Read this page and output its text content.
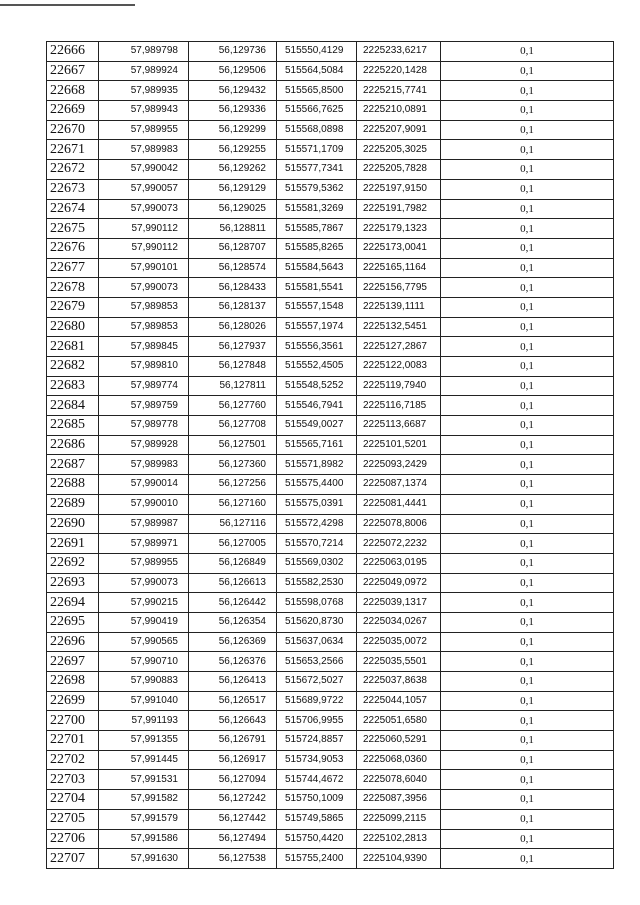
22666	57,989798	56,129736	515550,4129	2225233,6217	0,1
22667	57,989924	56,129506	515564,5084	2225220,1428	0,1
22668	57,989935	56,129432	515565,8500	2225215,7741	0,1
22669	57,989943	56,129336	515566,7625	2225210,0891	0,1
22670	57,989955	56,129299	515568,0898	2225207,9091	0,1
22671	57,989983	56,129255	515571,1709	2225205,3025	0,1
22672	57,990042	56,129262	515577,7341	2225205,7828	0,1
22673	57,990057	56,129129	515579,5362	2225197,9150	0,1
22674	57,990073	56,129025	515581,3269	2225191,7982	0,1
22675	57,990112	56,128811	515585,7867	2225179,1323	0,1
22676	57,990112	56,128707	515585,8265	2225173,0041	0,1
22677	57,990101	56,128574	515584,5643	2225165,1164	0,1
22678	57,990073	56,128433	515581,5541	2225156,7795	0,1
22679	57,989853	56,128137	515557,1548	2225139,1111	0,1
22680	57,989853	56,128026	515557,1974	2225132,5451	0,1
22681	57,989845	56,127937	515556,3561	2225127,2867	0,1
22682	57,989810	56,127848	515552,4505	2225122,0083	0,1
22683	57,989774	56,127811	515548,5252	2225119,7940	0,1
22684	57,989759	56,127760	515546,7941	2225116,7185	0,1
22685	57,989778	56,127708	515549,0027	2225113,6687	0,1
22686	57,989928	56,127501	515565,7161	2225101,5201	0,1
22687	57,989983	56,127360	515571,8982	2225093,2429	0,1
22688	57,990014	56,127256	515575,4400	2225087,1374	0,1
22689	57,990010	56,127160	515575,0391	2225081,4441	0,1
22690	57,989987	56,127116	515572,4298	2225078,8006	0,1
22691	57,989971	56,127005	515570,7214	2225072,2232	0,1
22692	57,989955	56,126849	515569,0302	2225063,0195	0,1
22693	57,990073	56,126613	515582,2530	2225049,0972	0,1
22694	57,990215	56,126442	515598,0768	2225039,1317	0,1
22695	57,990419	56,126354	515620,8730	2225034,0267	0,1
22696	57,990565	56,126369	515637,0634	2225035,0072	0,1
22697	57,990710	56,126376	515653,2566	2225035,5501	0,1
22698	57,990883	56,126413	515672,5027	2225037,8638	0,1
22699	57,991040	56,126517	515689,9722	2225044,1057	0,1
22700	57,991193	56,126643	515706,9955	2225051,6580	0,1
22701	57,991355	56,126791	515724,8857	2225060,5291	0,1
22702	57,991445	56,126917	515734,9053	2225068,0360	0,1
22703	57,991531	56,127094	515744,4672	2225078,6040	0,1
22704	57,991582	56,127242	515750,1009	2225087,3956	0,1
22705	57,991579	56,127442	515749,5865	2225099,2115	0,1
22706	57,991586	56,127494	515750,4420	2225102,2813	0,1
22707	57,991630	56,127538	515755,2400	2225104,9390	0,1
